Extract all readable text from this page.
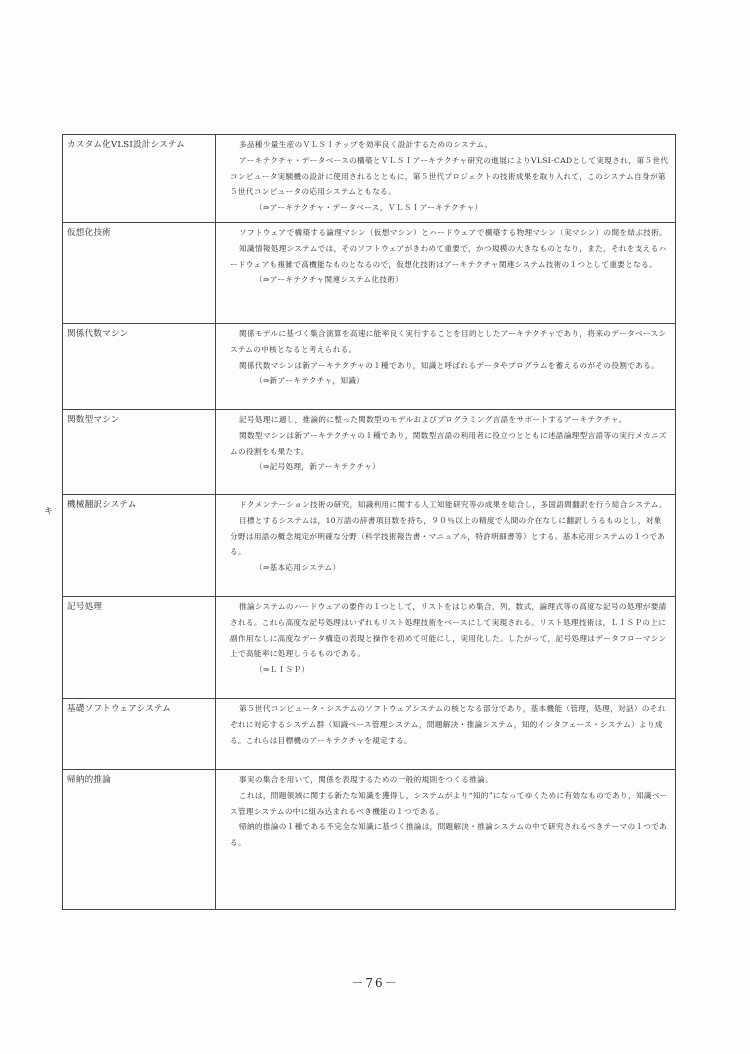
キ
カスタム化VLSI設計システム	多品種少量生産のＶＬＳＩチップを効率良く設計するためのシステム。

アーキテクチャ・データベースの構築とＶＬＳＩアーキテクチャ研究の進展によりVLSI-CADとして実現され，第５世代コンピュータ実験機の設計に使用されるとともに，第５世代プロジェクトの技術成果を取り入れて，このシステム自身が第５世代コンピュータの応用システムともなる。

（⇒アーキテクチャ・データベース，ＶＬＳＩアーキテクチャ）

仮想化技術	ソフトウェアで構築する論理マシン（仮想マシン）とハードウェアで構築する物理マシン（実マシン）の間を結ぶ技術。

知識情報処理システムでは，そのソフトウェアがきわめて重要で，かつ規模の大きなものとなり，また，それを支えるハードウェアも複雑で高機能なものとなるので，仮想化技術はアーキテクチャ関連システム技術の１つとして重要となる。

（⇒アーキテクチャ関連システム化技術）

関係代数マシン	関係モデルに基づく集合演算を高速に能率良く実行することを目的としたアーキテクチャであり，将来のデータベースシステムの中核となると考えられる。

関係代数マシンは新アーキテクチャの１種であり，知識と呼ばれるデータやプログラムを蓄えるのがその役割である。

（⇒新アーキテクチャ，知識）

関数型マシン	記号処理に適し，推論的に整った関数型のモデルおよびプログラミング言語をサポートするアーキテクチャ。

関数型マシンは新アーキテクチャの１種であり，関数型言語の利用者に役立つとともに述語論理型言語等の実行メカニズムの役割をも果たす。

（⇒記号処理，新アーキテクチャ）

機械翻訳システム	ドクメンテーション技術の研究，知識利用に関する人工知能研究等の成果を総合し，多国語間翻訳を行う総合システム。

目標とするシステムは，10万語の辞書項目数を持ち，９０％以上の精度で人間の介在なしに翻訳しうるものとし，対象分野は用語の概念規定が明確な分野（科学技術報告書・マニュアル，特許明細書等）とする。基本応用システムの１つである。

（⇒基本応用システム）

記号処理	推論システムのハードウェアの要件の１つとして，リストをはじめ集合，列，数式，論理式等の高度な記号の処理が要請される。これら高度な記号処理はいずれもリスト処理技術をベースにして実現される。リスト処理技術は，ＬＩＳＰの上に副作用なしに高度なデータ構造の表現と操作を初めて可能にし，実用化した。したがって，記号処理はデータフローマシン上で高能率に処理しうるものである。

（⇒ＬＩＳＰ）

基礎ソフトウェアシステム	第５世代コンピュータ・システムのソフトウェアシステムの核となる部分であり，基本機能（管理，処理，対話）のそれぞれに対応するシステム群（知識ベース管理システム，問題解決・推論システム，知的インタフェース・システム）より成る。これらは目標機のアーキテクチャを規定する。

帰納的推論	事実の集合を用いて，関係を表現するための一般的規則をつくる推論。

これは，問題領域に関する新たな知識を獲得し，システムがより“知的”になってゆくために有効なものであり，知識ベース管理システムの中に組み込まれるべき機能の１つである。

帰納的推論の１種である不完全な知識に基づく推論は，問題解決・推論システムの中で研究されるべきテーマの１つである。

－76－
